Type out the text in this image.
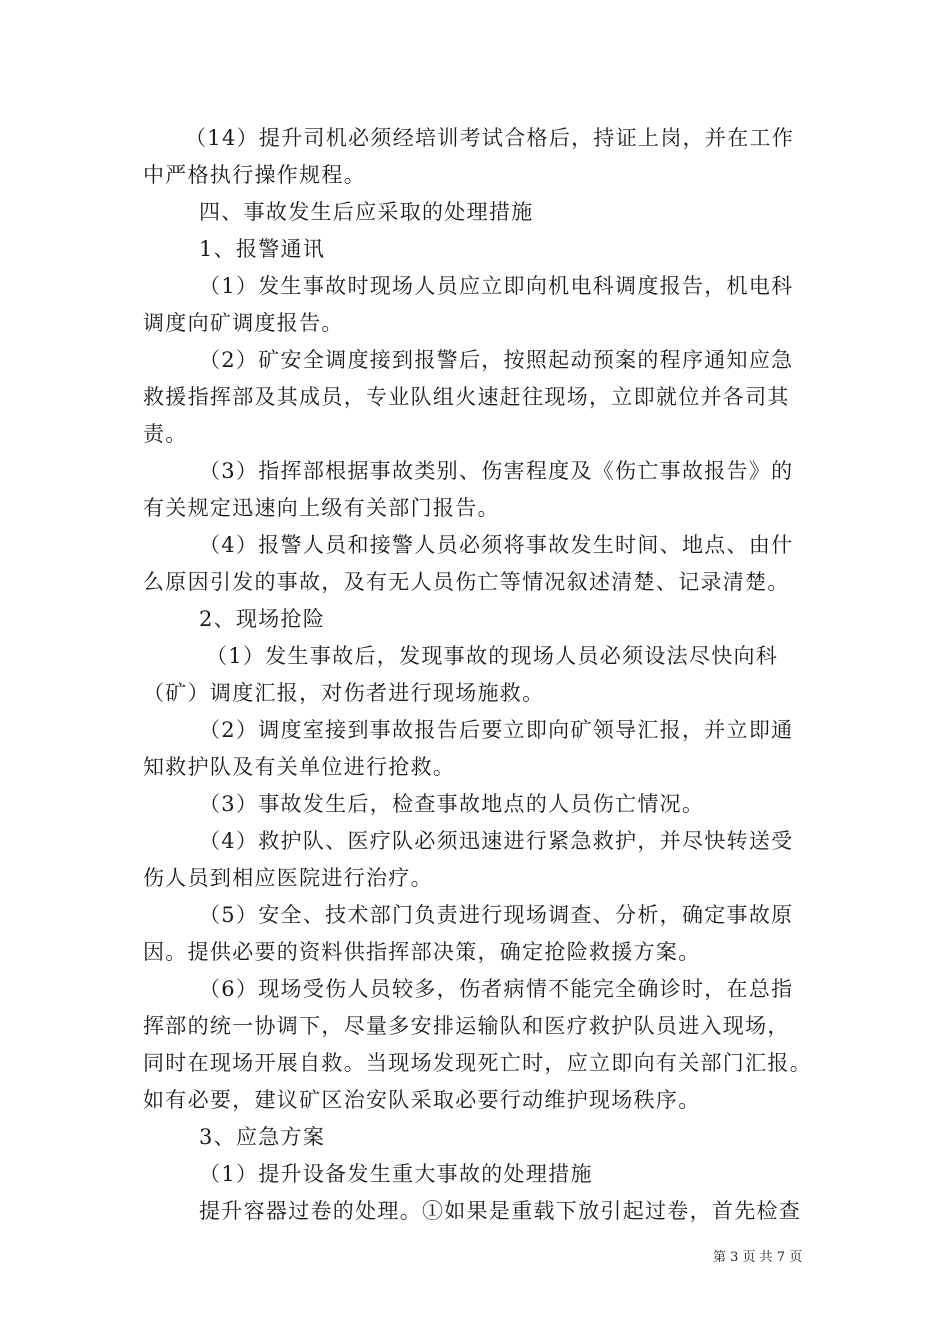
（14）提升司机必须经培训考试合格后，持证上岗，并在工作
中严格执行操作规程。
四、事故发生后应采取的处理措施
1、报警通讯
（1）发生事故时现场人员应立即向机电科调度报告，机电科
调度向矿调度报告。
（2）矿安全调度接到报警后，按照起动预案的程序通知应急
救援指挥部及其成员，专业队组火速赶往现场，立即就位并各司其
责。
（3）指挥部根据事故类别、伤害程度及《伤亡事故报告》的
有关规定迅速向上级有关部门报告。
（4）报警人员和接警人员必须将事故发生时间、地点、由什
么原因引发的事故，及有无人员伤亡等情况叙述清楚、记录清楚。
2、现场抢险
（1）发生事故后，发现事故的现场人员必须设法尽快向科
（矿）调度汇报，对伤者进行现场施救。
（2）调度室接到事故报告后要立即向矿领导汇报，并立即通
知救护队及有关单位进行抢救。
（3）事故发生后，检查事故地点的人员伤亡情况。
（4）救护队、医疗队必须迅速进行紧急救护，并尽快转送受
伤人员到相应医院进行治疗。
（5）安全、技术部门负责进行现场调查、分析，确定事故原
因。提供必要的资料供指挥部决策，确定抢险救援方案。
（6）现场受伤人员较多，伤者病情不能完全确诊时，在总指
挥部的统一协调下，尽量多安排运输队和医疗救护队员进入现场，
同时在现场开展自救。当现场发现死亡时，应立即向有关部门汇报。
如有必要，建议矿区治安队采取必要行动维护现场秩序。
3、应急方案
（1）提升设备发生重大事故的处理措施
提升容器过卷的处理。①如果是重载下放引起过卷，首先检查
第 3 页 共 7 页
